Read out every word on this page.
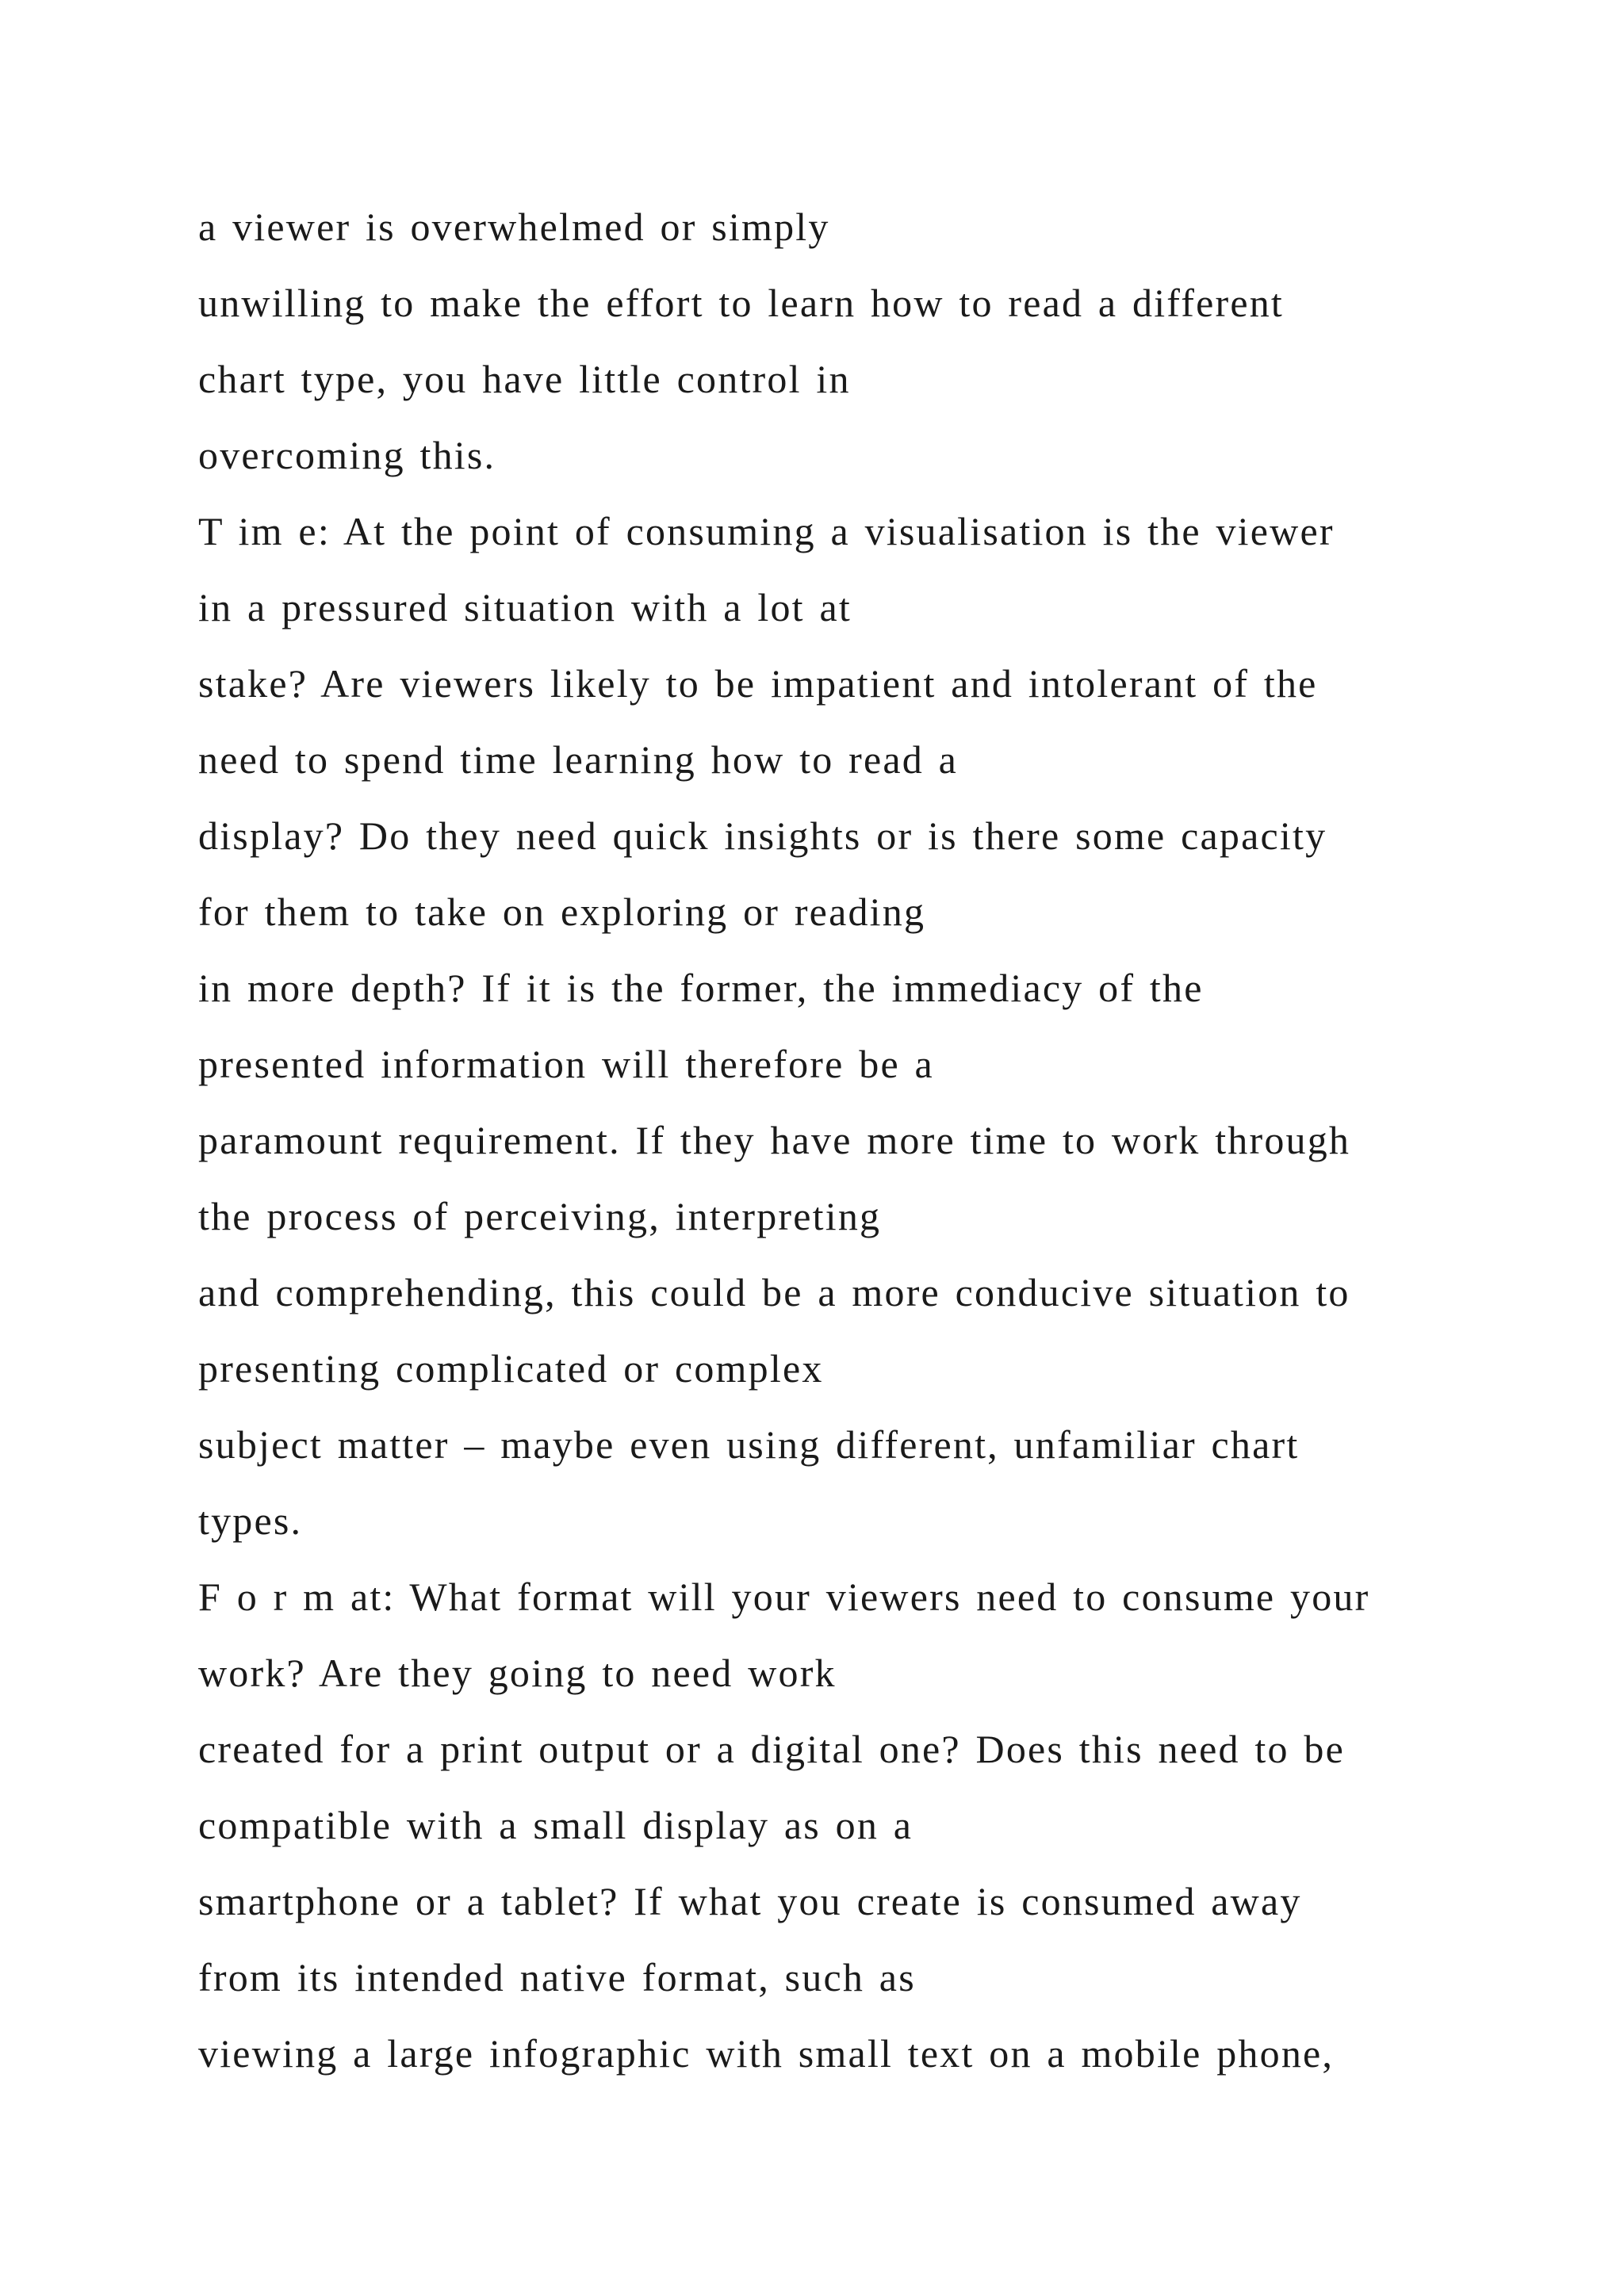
a viewer is overwhelmed or simply
unwilling to make the effort to learn how to read a different
chart type, you have little control in
overcoming this.
T im e: At the point of consuming a visualisation is the viewer
in a pressured situation with a lot at
stake? Are viewers likely to be impatient and intolerant of the
need to spend time learning how to read a
display? Do they need quick insights or is there some capacity
for them to take on exploring or reading
in more depth? If it is the former, the immediacy of the
presented information will therefore be a
paramount requirement. If they have more time to work through
the process of perceiving, interpreting
and comprehending, this could be a more conducive situation to
presenting complicated or complex
subject matter – maybe even using different, unfamiliar chart
types.
F o r m at: What format will your viewers need to consume your
work? Are they going to need work
created for a print output or a digital one? Does this need to be
compatible with a small display as on a
smartphone or a tablet? If what you create is consumed away
from its intended native format, such as
viewing a large infographic with small text on a mobile phone,
